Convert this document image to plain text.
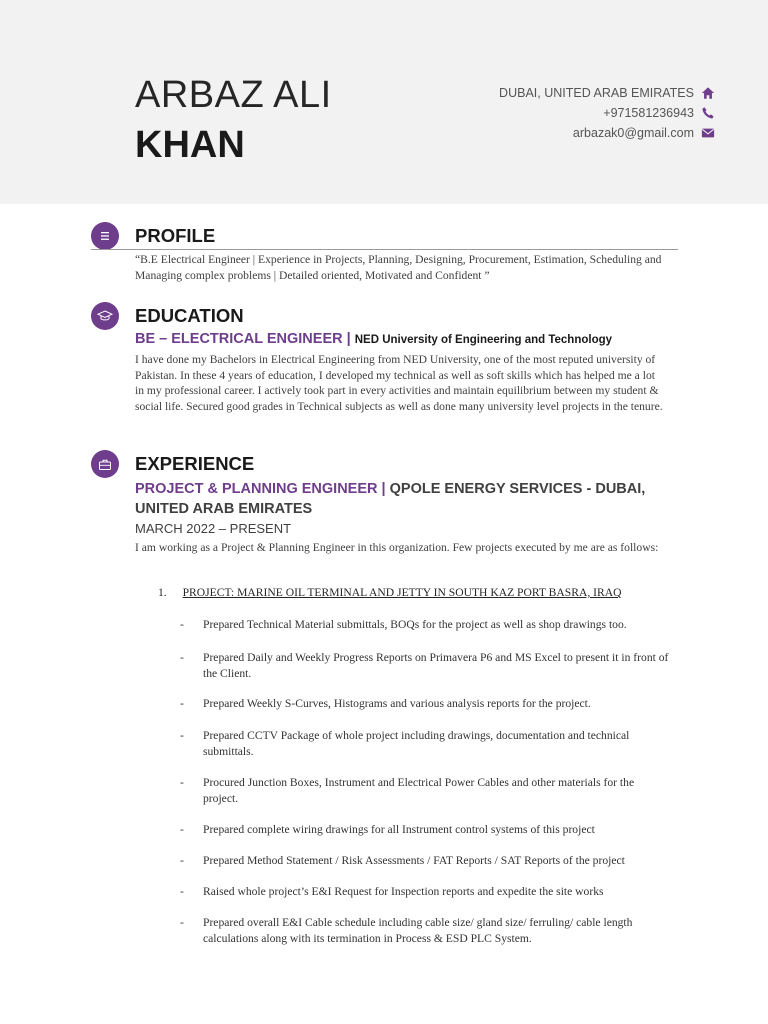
ARBAZ ALI
KHAN
DUBAI, UNITED ARAB EMIRATES
+971581236943
arbazak0@gmail.com
PROFILE
“B.E Electrical Engineer | Experience in Projects, Planning, Designing, Procurement, Estimation, Scheduling and Managing complex problems | Detailed oriented, Motivated and Confident ”
EDUCATION
BE – ELECTRICAL ENGINEER | NED University of Engineering and Technology
I have done my Bachelors in Electrical Engineering from NED University, one of the most reputed university of Pakistan. In these 4 years of education, I developed my technical as well as soft skills which has helped me a lot in my professional career. I actively took part in every activities and maintain equilibrium between my student & social life. Secured good grades in Technical subjects as well as done many university level projects in the tenure.
EXPERIENCE
PROJECT & PLANNING ENGINEER | QPOLE ENERGY SERVICES - DUBAI, UNITED ARAB EMIRATES
MARCH 2022 – PRESENT
I am working as a Project & Planning Engineer in this organization. Few projects executed by me are as follows:
1. PROJECT: MARINE OIL TERMINAL AND JETTY IN SOUTH KAZ PORT BASRA, IRAQ
- Prepared Technical Material submittals, BOQs for the project as well as shop drawings too.
- Prepared Daily and Weekly Progress Reports on Primavera P6 and MS Excel to present it in front of the Client.
- Prepared Weekly S-Curves, Histograms and various analysis reports for the project.
- Prepared CCTV Package of whole project including drawings, documentation and technical submittals.
- Procured Junction Boxes, Instrument and Electrical Power Cables and other materials for the project.
- Prepared complete wiring drawings for all Instrument control systems of this project
- Prepared Method Statement / Risk Assessments / FAT Reports / SAT Reports of the project
- Raised whole project’s E&I Request for Inspection reports and expedite the site works
- Prepared overall E&I Cable schedule including cable size/ gland size/ ferruling/ cable length calculations along with its termination in Process & ESD PLC System.
